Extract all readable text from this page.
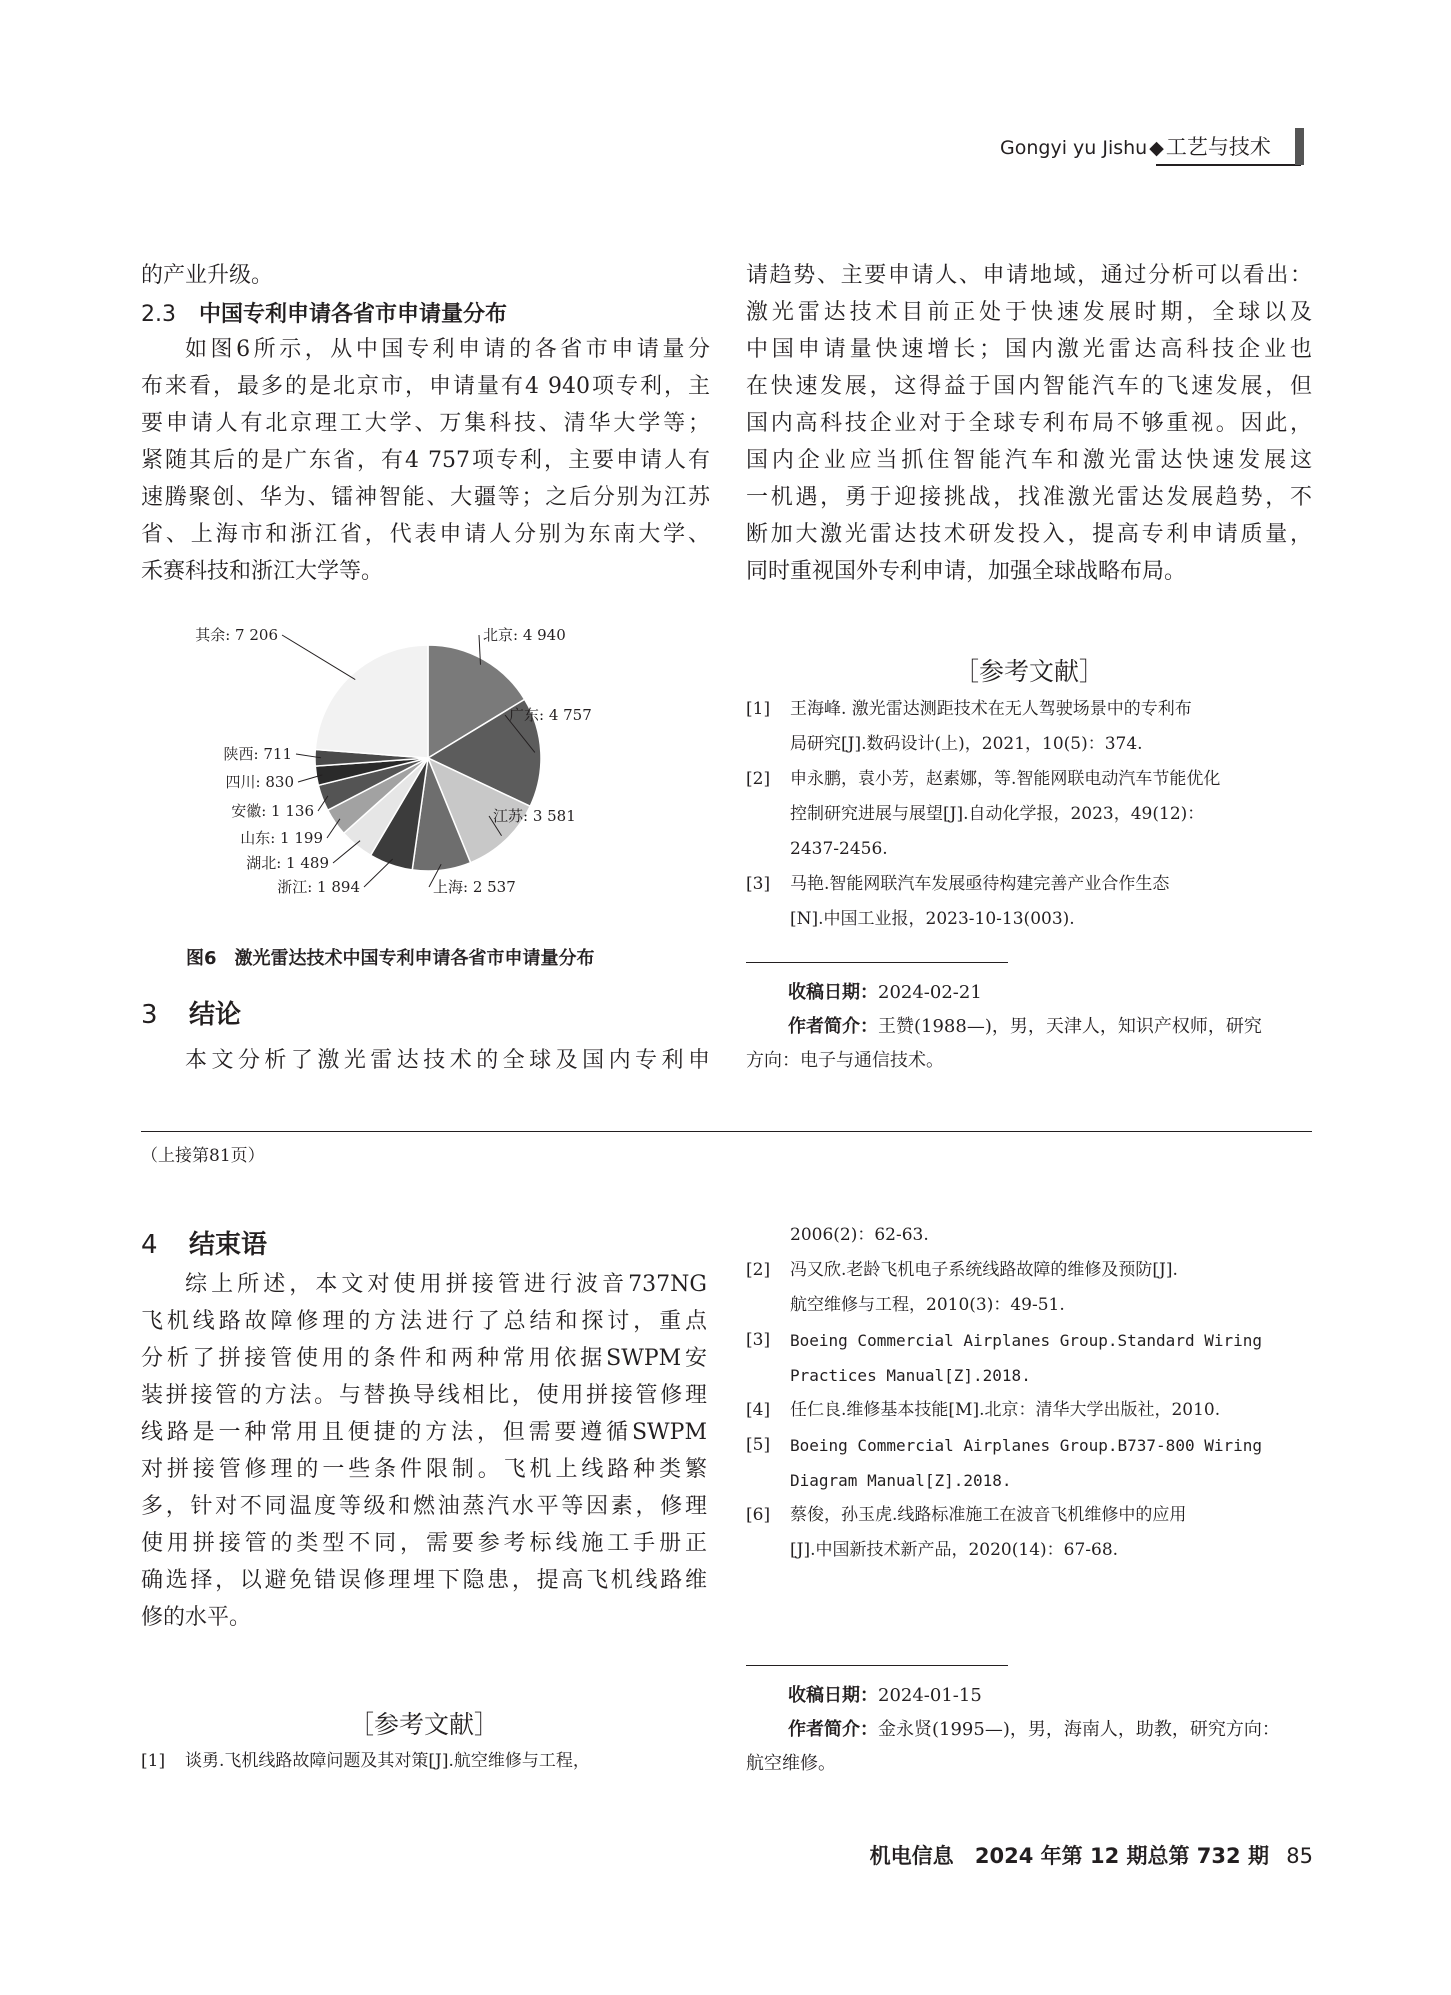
Gongyi yu Jishu ◆工艺与技术

的产业升级。

2.3 中国专利申请各省市申请量分布

如图6所示，从中国专利申请的各省市申请量分

布来看，最多的是北京市，申请量有4 940项专利，主

要申请人有北京理工大学、万集科技、清华大学等；

紧随其后的是广东省，有4 757项专利，主要申请人有

速腾聚创、华为、镭神智能、大疆等；之后分别为江苏

省、上海市和浙江省，代表申请人分别为东南大学、

禾赛科技和浙江大学等。

北京: 4 940
广东: 4 757
江苏: 3 581
上海: 2 537
浙江: 1 894
湖北: 1 489
山东: 1 199
安徽: 1 136
四川: 830
陕西: 711
其余: 7 206
图6　激光雷达技术中国专利申请各省市申请量分布
3 结论

本文分析了激光雷达技术的全球及国内专利申

请趋势、主要申请人、申请地域，通过分析可以看出：

激光雷达技术目前正处于快速发展时期，全球以及

中国申请量快速增长；国内激光雷达高科技企业也

在快速发展，这得益于国内智能汽车的飞速发展，但

国内高科技企业对于全球专利布局不够重视。因此，

国内企业应当抓住智能汽车和激光雷达快速发展这

一机遇，勇于迎接挑战，找准激光雷达发展趋势，不

断加大激光雷达技术研发投入，提高专利申请质量，

同时重视国外专利申请，加强全球战略布局。

［参考文献］
[1]	王海峰. 激光雷达测距技术在无人驾驶场景中的专利布
局研究[J].数码设计(上)，2021，10(5)：374.
[2]	申永鹏，袁小芳，赵素娜，等.智能网联电动汽车节能优化
控制研究进展与展望[J].自动化学报，2023，49(12)：
2437-2456.
[3]	马艳.智能网联汽车发展亟待构建完善产业合作生态
[N].中国工业报，2023-10-13(003).
收稿日期：2024-02-21
作者简介：王赞(1988—)，男，天津人，知识产权师，研究
方向：电子与通信技术。
（上接第81页）
4 结束语

综上所述，本文对使用拼接管进行波音737NG

飞机线路故障修理的方法进行了总结和探讨，重点

分析了拼接管使用的条件和两种常用依据SWPM安

装拼接管的方法。与替换导线相比，使用拼接管修理

线路是一种常用且便捷的方法，但需要遵循SWPM

对拼接管修理的一些条件限制。飞机上线路种类繁

多，针对不同温度等级和燃油蒸汽水平等因素，修理

使用拼接管的类型不同，需要参考标线施工手册正

确选择，以避免错误修理埋下隐患，提高飞机线路维

修的水平。

［参考文献］
[1]	谈勇.飞机线路故障问题及其对策[J].航空维修与工程，
2006(2)：62-63.
[2]	冯又欣.老龄飞机电子系统线路故障的维修及预防[J].
航空维修与工程，2010(3)：49-51.
[3]	Boeing Commercial Airplanes Group.Standard Wiring
Practices Manual[Z].2018.
[4]	任仁良.维修基本技能[M].北京：清华大学出版社，2010.
[5]	Boeing Commercial Airplanes Group.B737-800 Wiring
Diagram Manual[Z].2018.
[6]	蔡俊，孙玉虎.线路标准施工在波音飞机维修中的应用
[J].中国新技术新产品，2020(14)：67-68.
收稿日期：2024-01-15
作者简介：金永贤(1995—)，男，海南人，助教，研究方向：
航空维修。
机电信息 2024 年第 12 期总第 732 期 85
